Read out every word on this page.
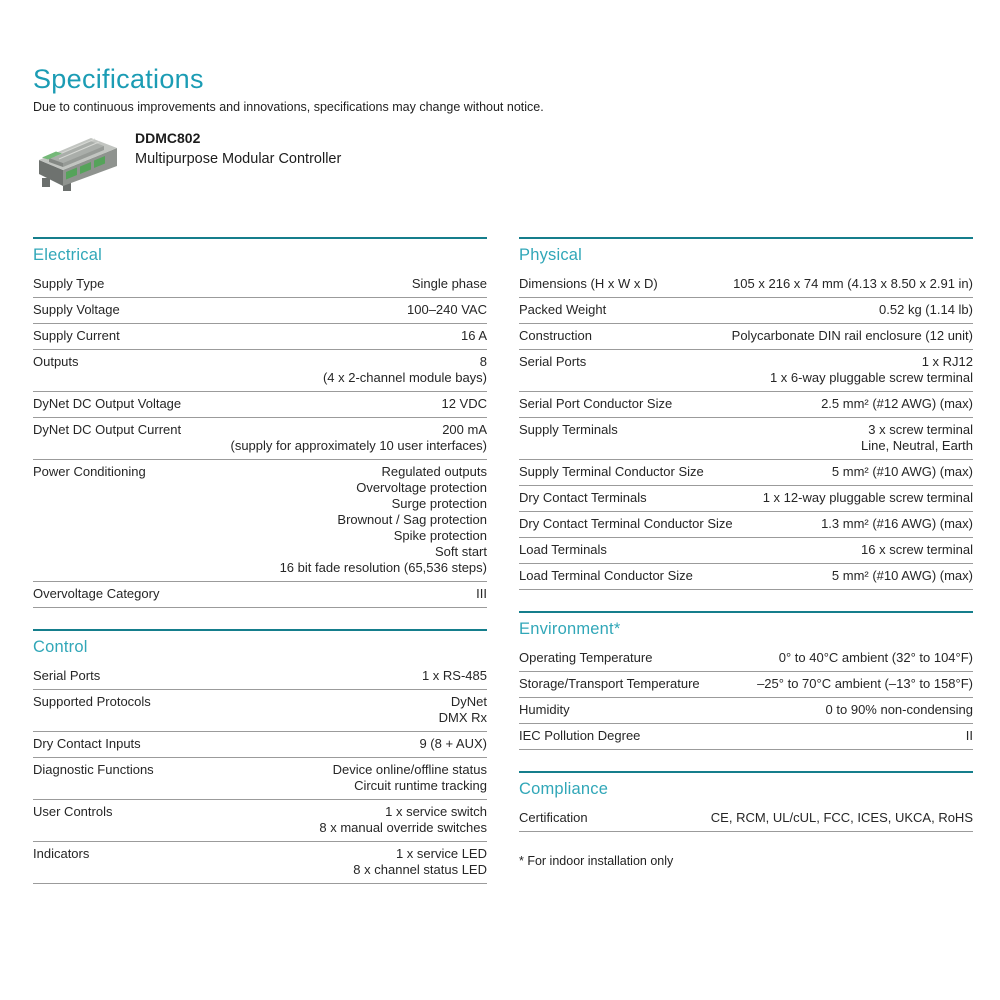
Specifications
Due to continuous improvements and innovations, specifications may change without notice.
DDMC802
Multipurpose Modular Controller
Electrical
Supply Type	Single phase
Supply Voltage	100–240 VAC
Supply Current	16 A
Outputs	8
(4 x 2-channel module bays)
DyNet DC Output Voltage	12 VDC
DyNet DC Output Current	200 mA
(supply for approximately 10 user interfaces)
Power Conditioning	Regulated outputs
Overvoltage protection
Surge protection
Brownout / Sag protection
Spike protection
Soft start
16 bit fade resolution (65,536 steps)
Overvoltage Category	III
Control
Serial Ports	1 x RS-485
Supported Protocols	DyNet
DMX Rx
Dry Contact Inputs	9 (8 + AUX)
Diagnostic Functions	Device online/offline status
Circuit runtime tracking
User Controls	1 x service switch
8 x manual override switches
Indicators	1 x service LED
8 x channel status LED
* For indoor installation only
Physical
Dimensions (H x W x D)	105 x 216 x 74 mm (4.13 x 8.50 x 2.91 in)
Packed Weight	0.52 kg (1.14 lb)
Construction	Polycarbonate DIN rail enclosure (12 unit)
Serial Ports	1 x RJ12
1 x 6-way pluggable screw terminal
Serial Port Conductor Size	2.5 mm² (#12 AWG) (max)
Supply Terminals	3 x screw terminal
Line, Neutral, Earth
Supply Terminal Conductor Size	5 mm² (#10 AWG) (max)
Dry Contact Terminals	1 x 12-way pluggable screw terminal
Dry Contact Terminal Conductor Size	1.3 mm² (#16 AWG) (max)
Load Terminals	16 x screw terminal
Load Terminal Conductor Size	5 mm² (#10 AWG) (max)
Environment*
Operating Temperature	0° to 40°C ambient (32° to 104°F)
Storage/Transport Temperature	–25° to 70°C ambient (–13° to 158°F)
Humidity	0 to 90% non-condensing
IEC Pollution Degree	II
Compliance
Certification	CE, RCM, UL/cUL, FCC, ICES, UKCA, RoHS
